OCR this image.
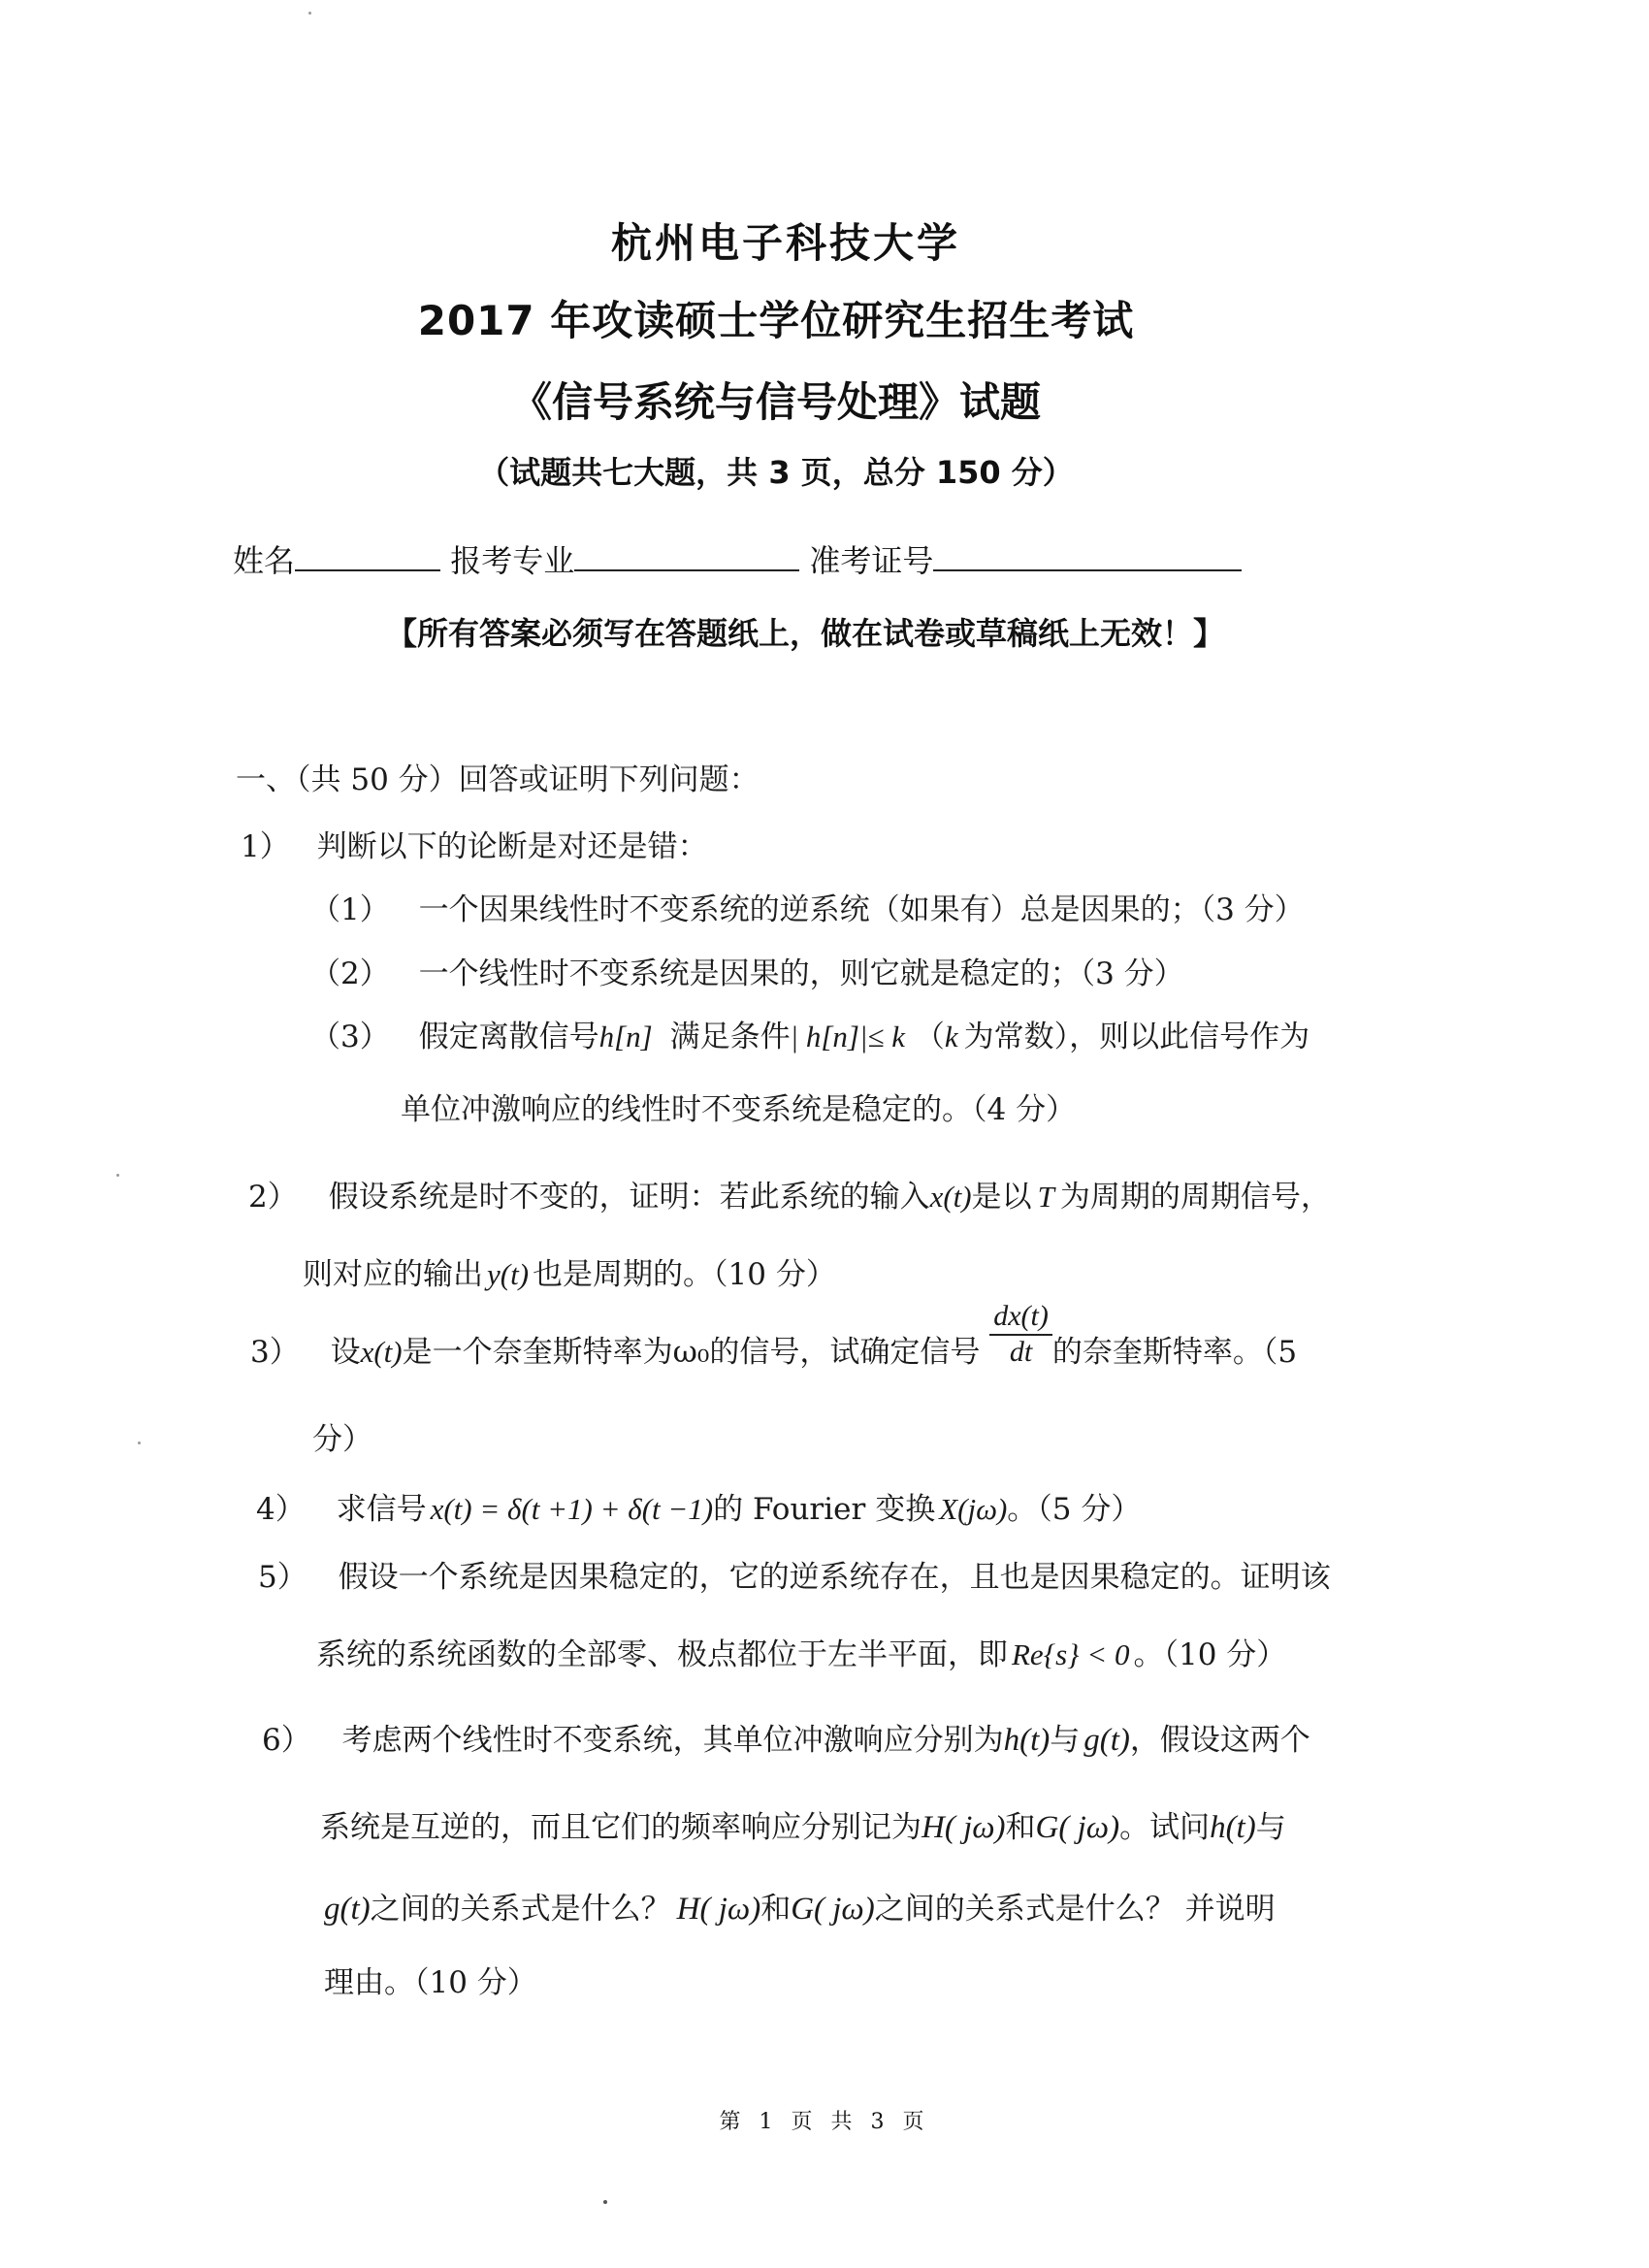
杭州电子科技大学
2017 年攻读硕士学位研究生招生考试
《信号系统与信号处理》试题
（试题共七大题，共 3 页，总分 150 分）
姓名	报考专业	准考证号
【所有答案必须写在答题纸上，做在试卷或草稿纸上无效！】
一、（共 50 分）回答或证明下列问题：
1） 判断以下的论断是对还是错：
（1） 一个因果线性时不变系统的逆系统（如果有）总是因果的；（3 分）
（2） 一个线性时不变系统是因果的，则它就是稳定的；（3 分）
（3） 假定离散信号h[n] 满足条件| h[n]|≤ k （k 为常数），则以此信号作为
单位冲激响应的线性时不变系统是稳定的。（4 分）
2） 假设系统是时不变的，证明：若此系统的输入x(t)是以 T 为周期的周期信号，
则对应的输出 y(t) 也是周期的。（10 分）
3） 设x(t)是一个奈奎斯特率为ω₀的信号，试确定信号 $\frac{dx(t)}{dt}$ 的奈奎斯特率。（5
分）
4） 求信号 x(t) = δ(t +1) + δ(t −1)的 Fourier 变换 X(jω)。（5 分）
5） 假设一个系统是因果稳定的，它的逆系统存在，且也是因果稳定的。证明该
系统的系统函数的全部零、极点都位于左半平面，即 Re{s} < 0 。（10 分）
6） 考虑两个线性时不变系统，其单位冲激响应分别为h(t)与 g(t)，假设这两个
系统是互逆的，而且它们的频率响应分别记为H( jω)和G( jω)。试问h(t)与
g(t)之间的关系式是什么？ H( jω)和G( jω)之间的关系式是什么？ 并说明
理由。（10 分）
第 1 页 共 3 页
